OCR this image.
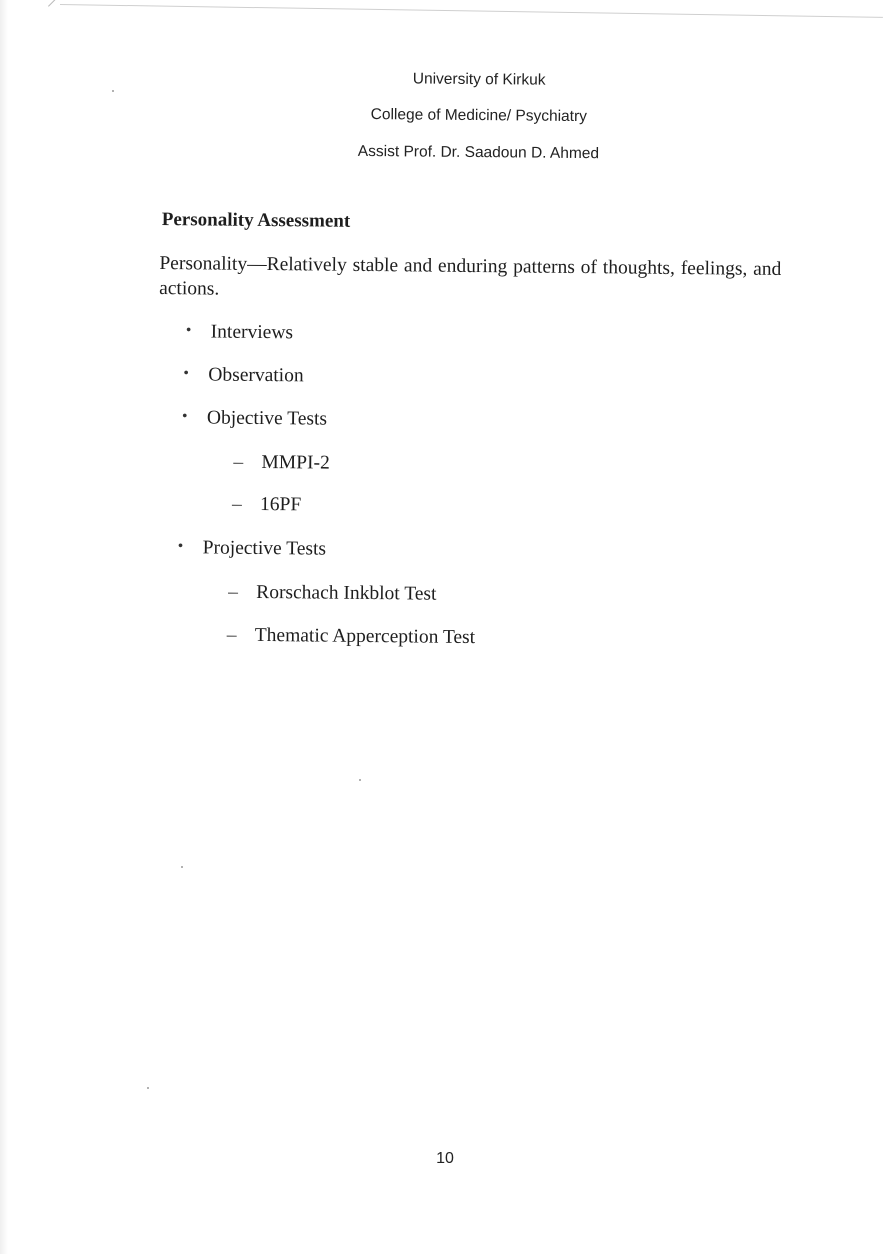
University of Kirkuk
College of Medicine/ Psychiatry
Assist Prof. Dr. Saadoun D. Ahmed
Personality Assessment
Personality—Relatively stable and enduring patterns of thoughts, feelings, and actions.
• Interviews
• Observation
• Objective Tests
– MMPI-2
– 16PF
• Projective Tests
– Rorschach Inkblot Test
– Thematic Apperception Test
10
